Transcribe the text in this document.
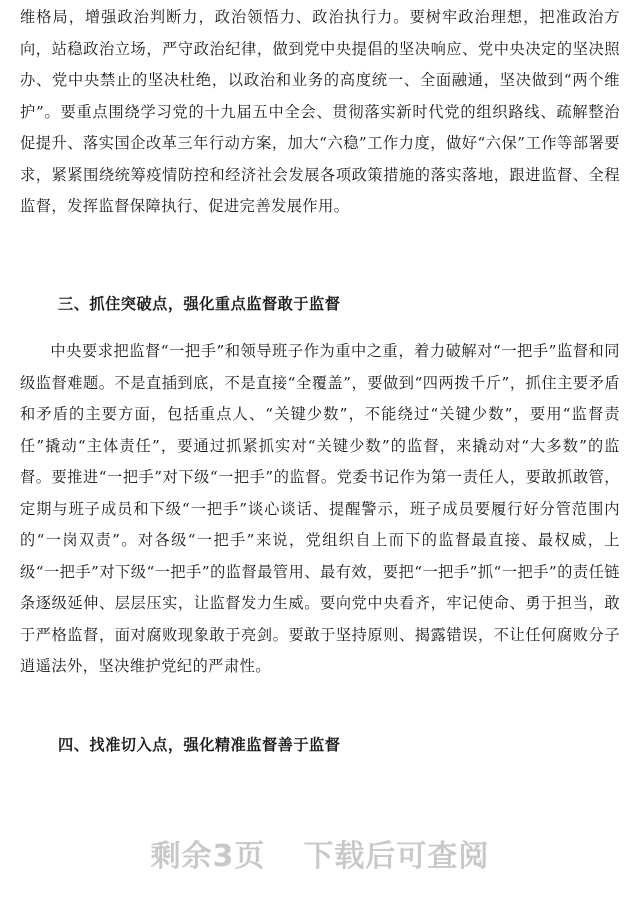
维格局，增强政治判断力，政治领悟力、政治执行力。要树牢政治理想，把准政治方向，站稳政治立场，严守政治纪律，做到党中央提倡的坚决响应、党中央决定的坚决照办、党中央禁止的坚决杜绝，以政治和业务的高度统一、全面融通，坚决做到“两个维护”。要重点围绕学习党的十九届五中全会、贯彻落实新时代党的组织路线、疏解整治促提升、落实国企改革三年行动方案，加大“六稳”工作力度，做好“六保”工作等部署要求，紧紧围绕统筹疫情防控和经济社会发展各项政策措施的落实落地，跟进监督、全程监督，发挥监督保障执行、促进完善发展作用。

三、抓住突破点，强化重点监督敢于监督

中央要求把监督“一把手”和领导班子作为重中之重，着力破解对“一把手”监督和同级监督难题。不是直插到底，不是直接“全覆盖”，要做到“四两拨千斤”，抓住主要矛盾和矛盾的主要方面，包括重点人、“关键少数”，不能绕过“关键少数”，要用“监督责任”撬动“主体责任”，要通过抓紧抓实对“关键少数”的监督，来撬动对“大多数”的监督。要推进“一把手”对下级“一把手”的监督。党委书记作为第一责任人，要敢抓敢管，定期与班子成员和下级“一把手”谈心谈话、提醒警示，班子成员要履行好分管范围内的“一岗双责”。对各级“一把手”来说，党组织自上而下的监督最直接、最权威，上级“一把手”对下级“一把手”的监督最管用、最有效，要把“一把手”抓“一把手”的责任链条逐级延伸、层层压实，让监督发力生威。要向党中央看齐，牢记使命、勇于担当，敢于严格监督，面对腐败现象敢于亮剑。要敢于坚持原则、揭露错误，不让任何腐败分子逍遥法外，坚决维护党纪的严肃性。

四、找准切入点，强化精准监督善于监督
剩余3页 下载后可查阅
